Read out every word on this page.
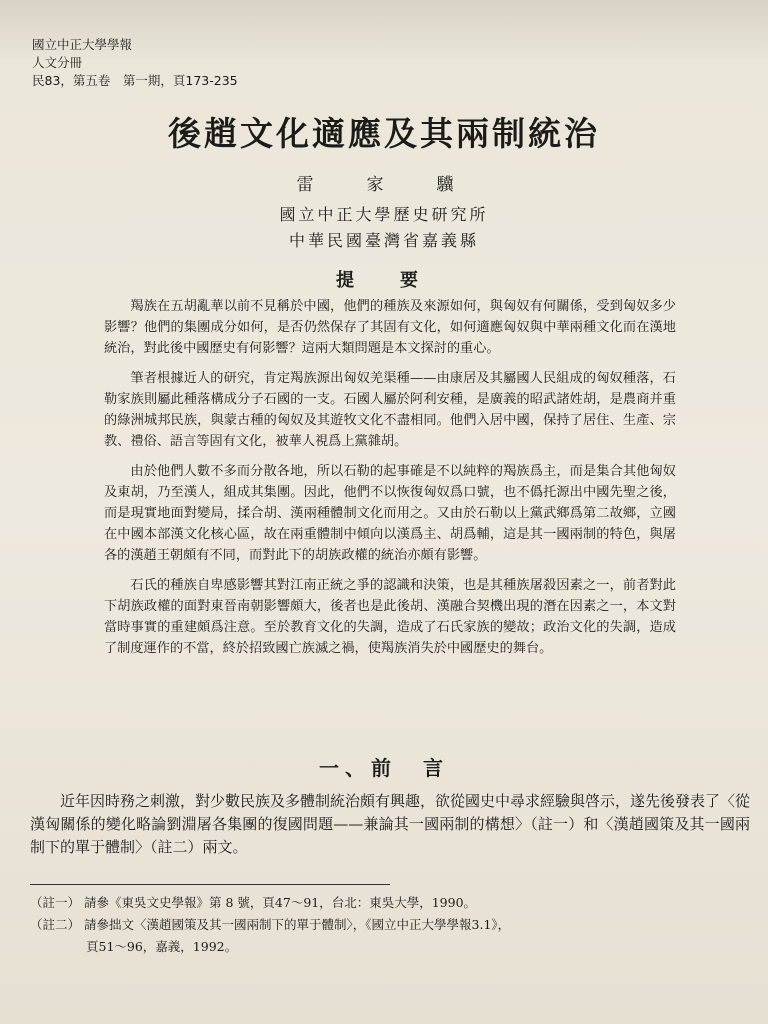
國立中正大學學報
人文分冊
民83，第五卷　第一期，頁173-235
後趙文化適應及其兩制統治
雷　家　驥
國立中正大學歷史研究所
中華民國臺灣省嘉義縣
提　要

羯族在五胡亂華以前不見稱於中國，他們的種族及來源如何，與匈奴有何關係，受到匈奴多少影響？他們的集團成分如何，是否仍然保存了其固有文化，如何適應匈奴與中華兩種文化而在漢地統治，對此後中國歷史有何影響？這兩大類問題是本文探討的重心。

筆者根據近人的研究，肯定羯族源出匈奴羌渠種——由康居及其屬國人民組成的匈奴種落，石勒家族則屬此種落構成分子石國的一支。石國人屬於阿利安種，是廣義的昭武諸姓胡，是農商并重的綠洲城邦民族，與蒙古種的匈奴及其遊牧文化不盡相同。他們入居中國，保持了居住、生產、宗教、禮俗、語言等固有文化，被華人視爲上黨雜胡。

由於他們人數不多而分散各地，所以石勒的起事確是不以純粹的羯族爲主，而是集合其他匈奴及東胡，乃至漢人，組成其集團。因此，他們不以恢復匈奴爲口號，也不僞托源出中國先聖之後，而是現實地面對變局，揉合胡、漢兩種體制文化而用之。又由於石勒以上黨武鄉爲第二故鄉，立國在中國本部漢文化核心區，故在兩重體制中傾向以漢爲主、胡爲輔，這是其一國兩制的特色，與屠各的漢趙王朝頗有不同，而對此下的胡族政權的統治亦頗有影響。

石氏的種族自卑感影響其對江南正統之爭的認識和決策，也是其種族屠殺因素之一，前者對此下胡族政權的面對東晉南朝影響頗大，後者也是此後胡、漢融合契機出現的潛在因素之一，本文對當時事實的重建頗爲注意。至於教育文化的失調，造成了石氏家族的變故；政治文化的失調，造成了制度運作的不當，終於招致國亡族滅之禍，使羯族消失於中國歷史的舞台。

一、前　言

近年因時務之刺激，對少數民族及多體制統治頗有興趣，欲從國史中尋求經驗與啓示，遂先後發表了〈從漢匈關係的變化略論劉淵屠各集團的復國問題——兼論其一國兩制的構想〉（註一）和〈漢趙國策及其一國兩制下的單于體制〉（註二）兩文。

（註一） 請參《東吳文史學報》第 8 號，頁47～91，台北：東吳大學，1990。
（註二） 請參拙文〈漢趙國策及其一國兩制下的單于體制〉，《國立中正大學學報3.1》，
頁51～96，嘉義，1992。
